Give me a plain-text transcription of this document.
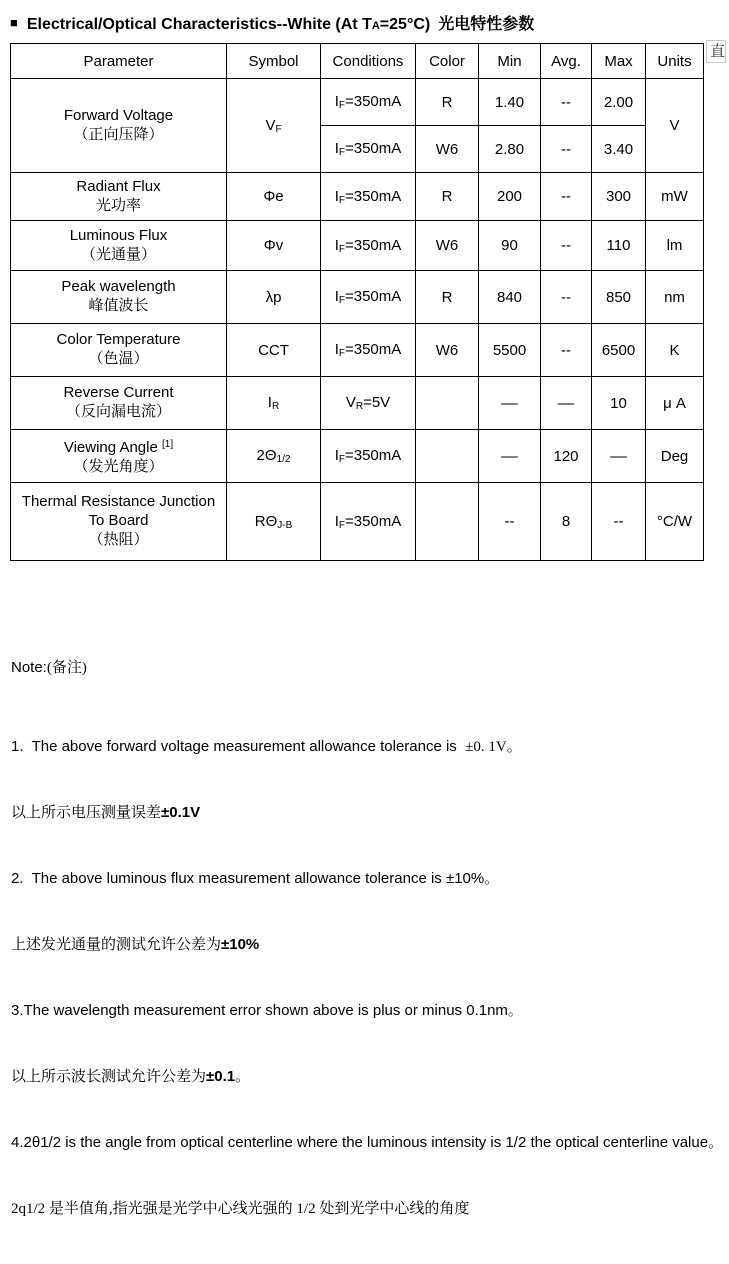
■ Electrical/Optical Characteristics--White (At TA=25°C) 光电特性参数
Parameter	Symbol	Conditions	Color	Min	Avg.	Max	Units

Forward Voltage
（正向压降）	VF	IF=350mA	R	1.40	--	2.00	V
		IF=350mA	W6	2.80	--	3.40	

Radiant Flux
光功率	Φe	IF=350mA	R	200	--	300	mW

Luminous Flux
（光通量）	Φv	IF=350mA	W6	90	--	110	lm

Peak wavelength
峰值波长	λp	IF=350mA	R	840	--	850	nm

Color Temperature
（色温）	CCT	IF=350mA	W6	5500	--	6500	K

Reverse Current
（反向漏电流）	IR	VR=5V		––	––	10	μ A

Viewing Angle [1]
（发光角度）	2Θ1/2	IF=350mA		––	120	––	Deg

Thermal Resistance Junction To Board
（热阻）	RΘJ-B	IF=350mA		--	8	--	°C/W

Note:(备注)

1.  The above forward voltage measurement allowance tolerance is  ±0. 1V。

以上所示电压测量误差±0.1V

2.  The above luminous flux measurement allowance tolerance is ±10%。

上述发光通量的测试允许公差为±10%

3.The wavelength measurement error shown above is plus or minus 0.1nm。

以上所示波长测试允许公差为±0.1。

4.2θ1/2 is the angle from optical centerline where the luminous intensity is 1/2 the optical centerline value。

2q1/2 是半值角,指光强是光学中心线光强的 1/2 处到光学中心线的角度

直
